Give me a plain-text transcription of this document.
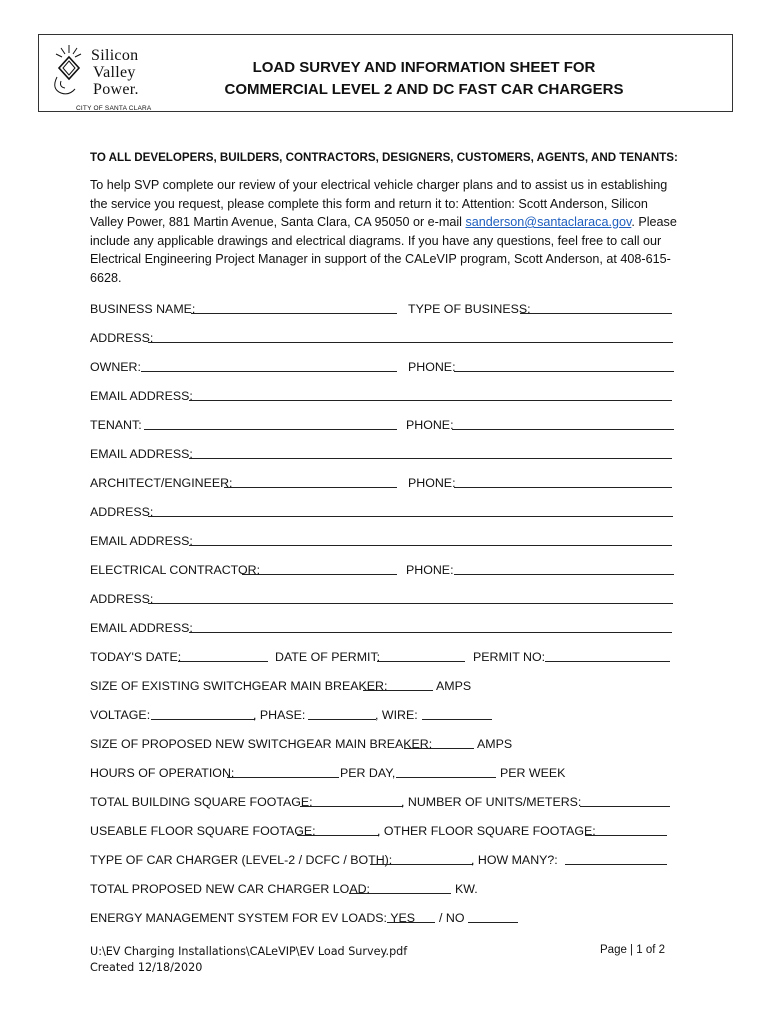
Silicon
Valley
Power.
CITY OF SANTA CLARA
LOAD SURVEY AND INFORMATION SHEET FOR
COMMERCIAL LEVEL 2 AND DC FAST CAR CHARGERS
TO ALL DEVELOPERS, BUILDERS, CONTRACTORS, DESIGNERS, CUSTOMERS, AGENTS, AND TENANTS:
To help SVP complete our review of your electrical vehicle charger plans and to assist us in establishing the service you request, please complete this form and return it to: Attention: Scott Anderson, Silicon Valley Power, 881 Martin Avenue, Santa Clara, CA 95050 or e-mail sanderson@santaclaraca.gov. Please include any applicable drawings and electrical diagrams. If you have any questions, feel free to call our Electrical Engineering Project Manager in support of the CALeVIP program, Scott Anderson, at 408-615-6628.
BUSINESS NAME:	TYPE OF BUSINESS:
ADDRESS:
OWNER:	PHONE:
EMAIL ADDRESS:
TENANT:	PHONE:
EMAIL ADDRESS:
ARCHITECT/ENGINEER:	PHONE:
ADDRESS:
EMAIL ADDRESS:
ELECTRICAL CONTRACTOR:	PHONE:
ADDRESS:
EMAIL ADDRESS:
TODAY'S DATE:	DATE OF PERMIT:	PERMIT NO:
SIZE OF EXISTING SWITCHGEAR MAIN BREAKER:	AMPS
VOLTAGE:	, PHASE:	, WIRE:
SIZE OF PROPOSED NEW SWITCHGEAR MAIN BREAKER:	AMPS
HOURS OF OPERATION:	PER DAY,	PER WEEK
TOTAL BUILDING SQUARE FOOTAGE:	, NUMBER OF UNITS/METERS:
USEABLE FLOOR SQUARE FOOTAGE:	, OTHER FLOOR SQUARE FOOTAGE:
TYPE OF CAR CHARGER (LEVEL-2 / DCFC / BOTH):	, HOW MANY?:
TOTAL PROPOSED NEW CAR CHARGER LOAD:	KW.
ENERGY MANAGEMENT SYSTEM FOR EV LOADS: YES / NO
U:\EV Charging Installations\CALeVIP\EV Load Survey.pdf
Created 12/18/2020
Page | 1 of 2
